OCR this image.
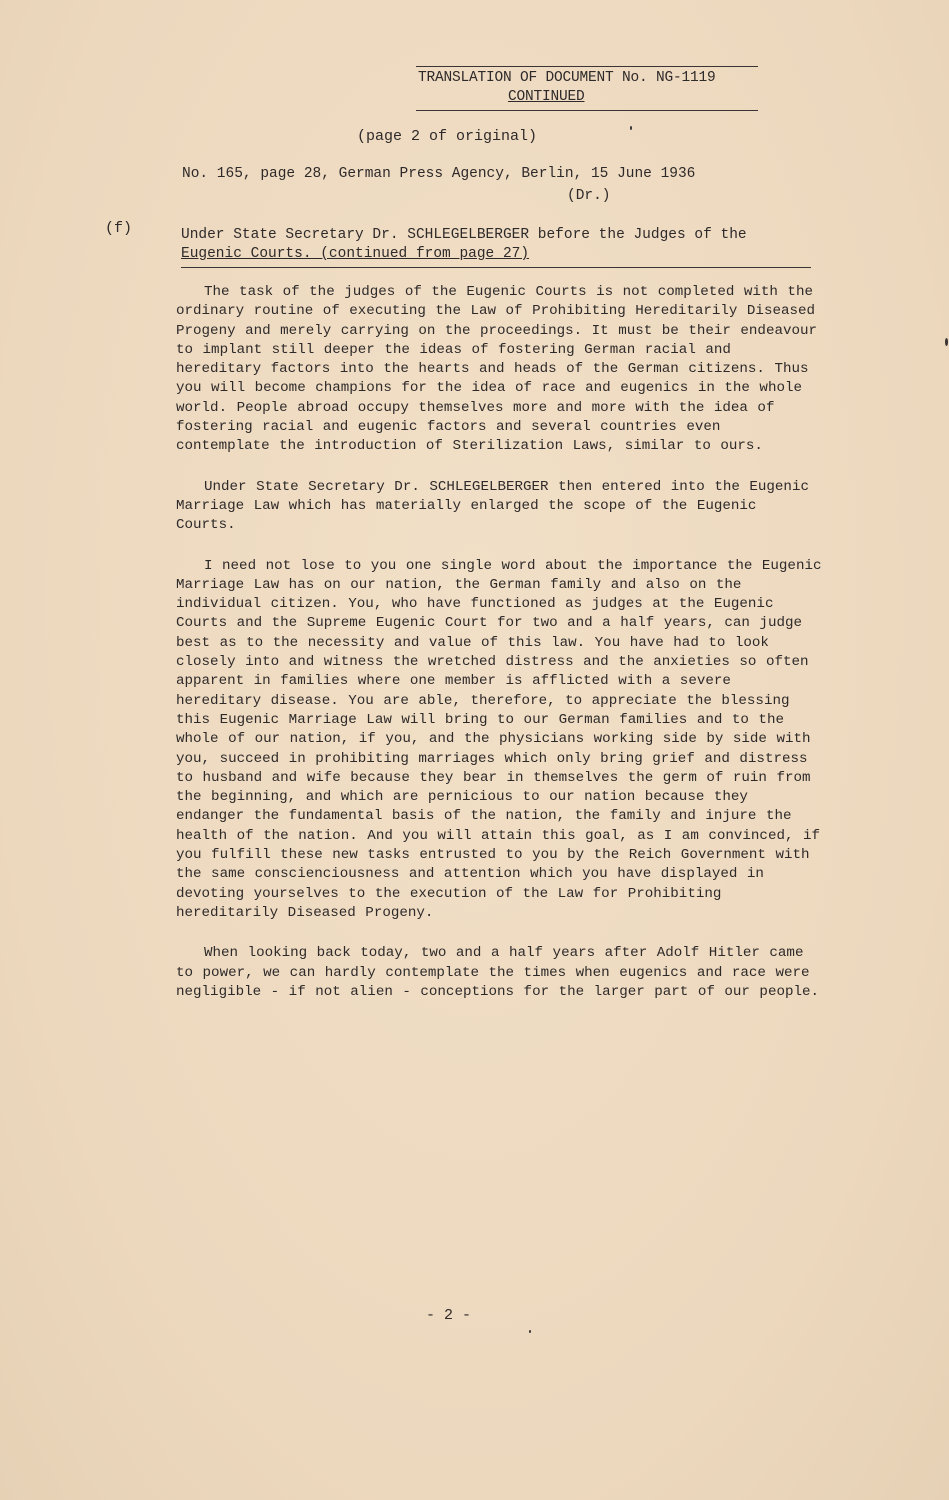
TRANSLATION OF DOCUMENT No. NG-1119
CONTINUED
(page 2 of original)
No. 165, page 28, German Press Agency, Berlin, 15 June 1936
(Dr.)
(f)	Under State Secretary Dr. SCHLEGELBERGER before the Judges of the
Eugenic Courts. (continued from page 27)

The task of the judges of the Eugenic Courts is not completed with the ordinary routine of executing the Law of Prohibiting Hereditarily Diseased Progeny and merely carrying on the proceedings. It must be their endeavour to implant still deeper the ideas of fostering German racial and hereditary factors into the hearts and heads of the German citizens. Thus you will become champions for the idea of race and eugenics in the whole world. People abroad occupy themselves more and more with the idea of fostering racial and eugenic factors and several countries even contemplate the introduction of Sterilization Laws, similar to ours.

Under State Secretary Dr. SCHLEGELBERGER then entered into the Eugenic Marriage Law which has materially enlarged the scope of the Eugenic Courts.

I need not lose to you one single word about the importance the Eugenic Marriage Law has on our nation, the German family and also on the individual citizen. You, who have functioned as judges at the Eugenic Courts and the Supreme Eugenic Court for two and a half years, can judge best as to the necessity and value of this law. You have had to look closely into and witness the wretched distress and the anxieties so often apparent in families where one member is afflicted with a severe hereditary disease. You are able, therefore, to appreciate the blessing this Eugenic Marriage Law will bring to our German families and to the whole of our nation, if you, and the physicians working side by side with you, succeed in prohibiting marriages which only bring grief and distress to husband and wife because they bear in themselves the germ of ruin from the beginning, and which are pernicious to our nation because they endanger the fundamental basis of the nation, the family and injure the health of the nation. And you will attain this goal, as I am convinced, if you fulfill these new tasks entrusted to you by the Reich Government with the same conscienciousness and attention which you have displayed in devoting yourselves to the execution of the Law for Prohibiting hereditarily Diseased Progeny.

When looking back today, two and a half years after Adolf Hitler came to power, we can hardly contemplate the times when eugenics and race were negligible - if not alien - conceptions for the larger part of our people.

- 2 -
